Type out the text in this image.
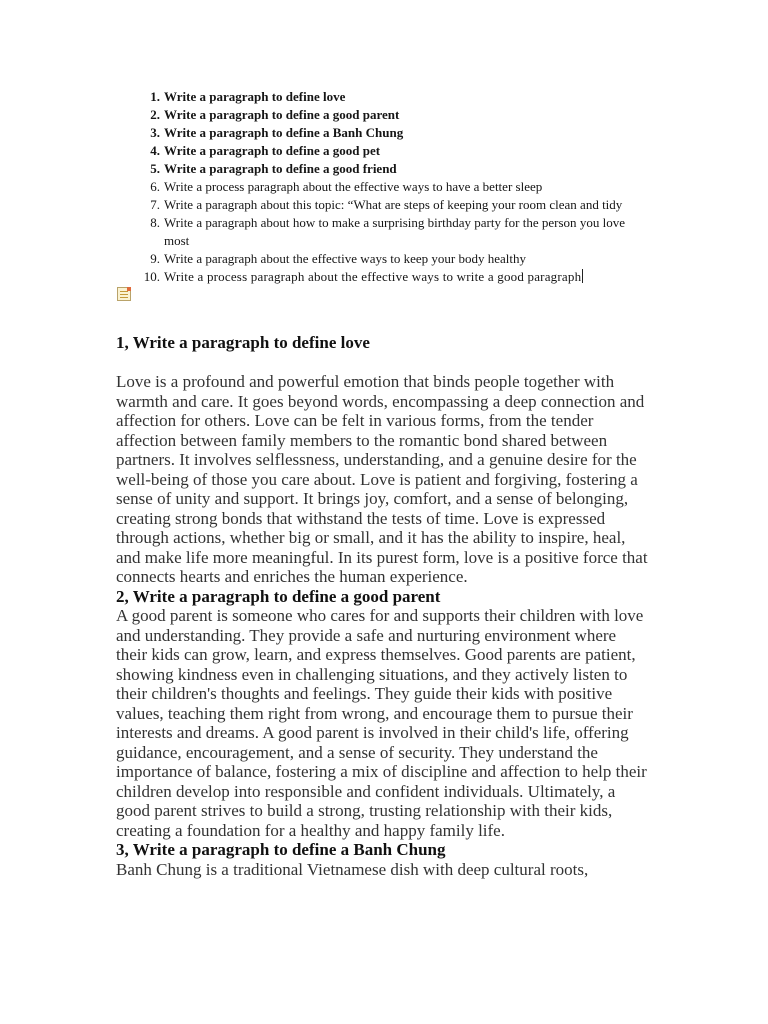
1. Write a paragraph to define love
2. Write a paragraph to define a good parent
3. Write a paragraph to define a Banh Chung
4. Write a paragraph to define a good pet
5. Write a paragraph to define a good friend
6. Write a process paragraph about the effective ways to have a better sleep
7. Write a paragraph about this topic: “What are steps of keeping your room clean and tidy
8. Write a paragraph about how to make a surprising birthday party for the person you love most
9. Write a paragraph about the effective ways to keep your body healthy
10. Write a process paragraph about the effective ways to write a good paragraph
1, Write a paragraph to define love

Love is a profound and powerful emotion that binds people together with warmth and care. It goes beyond words, encompassing a deep connection and affection for others. Love can be felt in various forms, from the tender affection between family members to the romantic bond shared between partners. It involves selflessness, understanding, and a genuine desire for the well-being of those you care about. Love is patient and forgiving, fostering a sense of unity and support. It brings joy, comfort, and a sense of belonging, creating strong bonds that withstand the tests of time. Love is expressed through actions, whether big or small, and it has the ability to inspire, heal, and make life more meaningful. In its purest form, love is a positive force that connects hearts and enriches the human experience.

2, Write a paragraph to define a good parent

A good parent is someone who cares for and supports their children with love and understanding. They provide a safe and nurturing environment where their kids can grow, learn, and express themselves. Good parents are patient, showing kindness even in challenging situations, and they actively listen to their children's thoughts and feelings. They guide their kids with positive values, teaching them right from wrong, and encourage them to pursue their interests and dreams. A good parent is involved in their child's life, offering guidance, encouragement, and a sense of security. They understand the importance of balance, fostering a mix of discipline and affection to help their children develop into responsible and confident individuals. Ultimately, a good parent strives to build a strong, trusting relationship with their kids, creating a foundation for a healthy and happy family life.

3, Write a paragraph to define a Banh Chung

Banh Chung is a traditional Vietnamese dish with deep cultural roots,
